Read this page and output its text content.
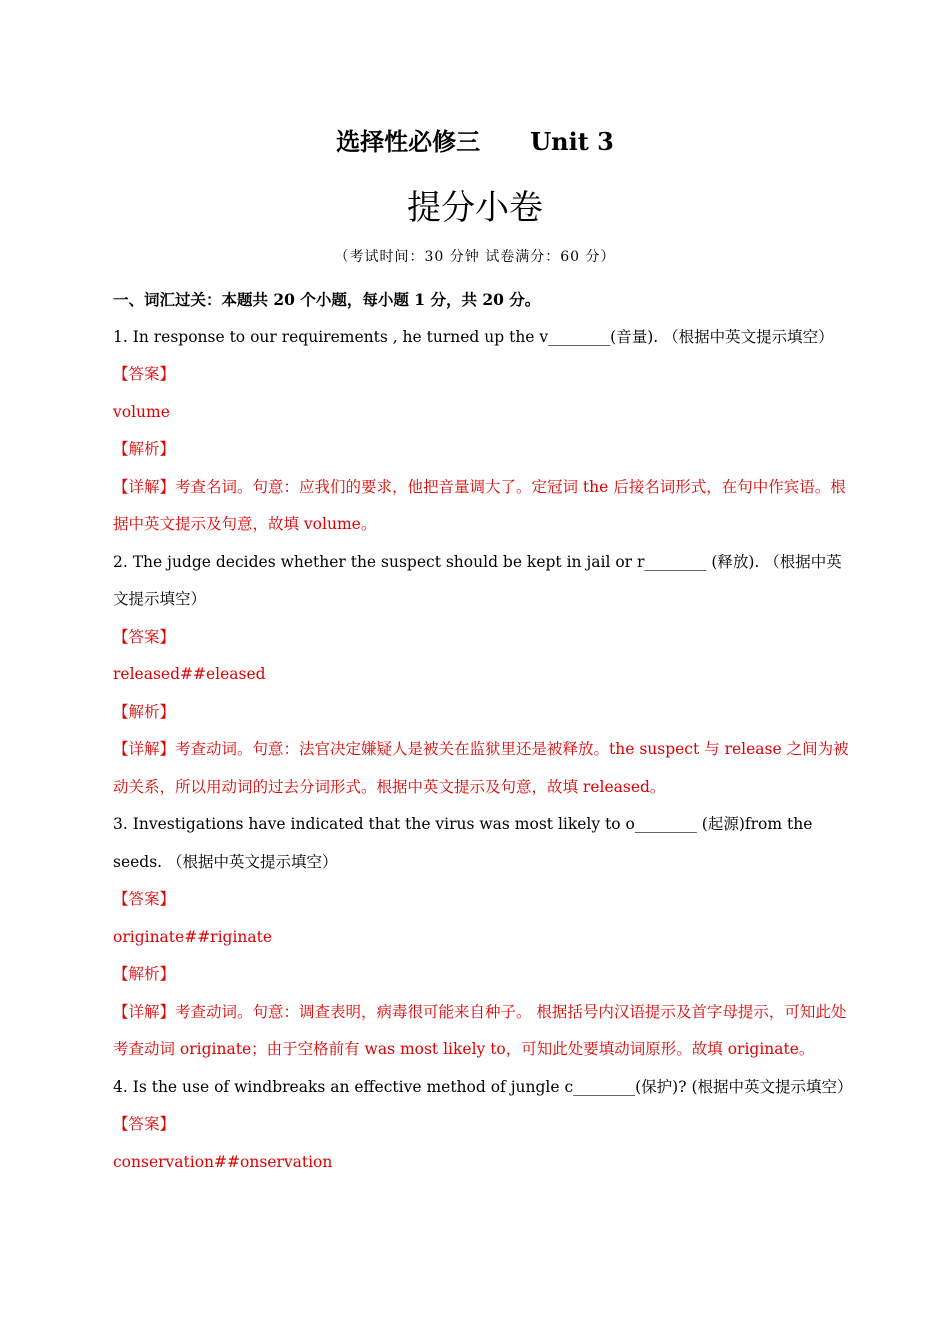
选择性必修三      Unit 3
提分小卷
（考试时间：30 分钟 试卷满分：60 分）

一、词汇过关：本题共 20 个小题，每小题 1 分，共 20 分。

1. In response to our requirements , he turned up the v________(音量). （根据中英文提示填空）

【答案】

volume

【解析】

【详解】考查名词。句意：应我们的要求，他把音量调大了。定冠词 the 后接名词形式，在句中作宾语。根据中英文提示及句意，故填 volume。

2. The judge decides whether the suspect should be kept in jail or r________ (释放). （根据中英文提示填空）

【答案】

released##eleased

【解析】

【详解】考查动词。句意：法官决定嫌疑人是被关在监狱里还是被释放。the suspect 与 release 之间为被动关系，所以用动词的过去分词形式。根据中英文提示及句意，故填 released。

3. Investigations have indicated that the virus was most likely to o________ (起源)from the seeds. （根据中英文提示填空）

【答案】

originate##riginate

【解析】

【详解】考查动词。句意：调查表明，病毒很可能来自种子。 根据括号内汉语提示及首字母提示，可知此处考查动词 originate；由于空格前有 was most likely to，可知此处要填动词原形。故填 originate。

4. Is the use of windbreaks an effective method of jungle c________(保护)? (根据中英文提示填空）

【答案】

conservation##onservation
